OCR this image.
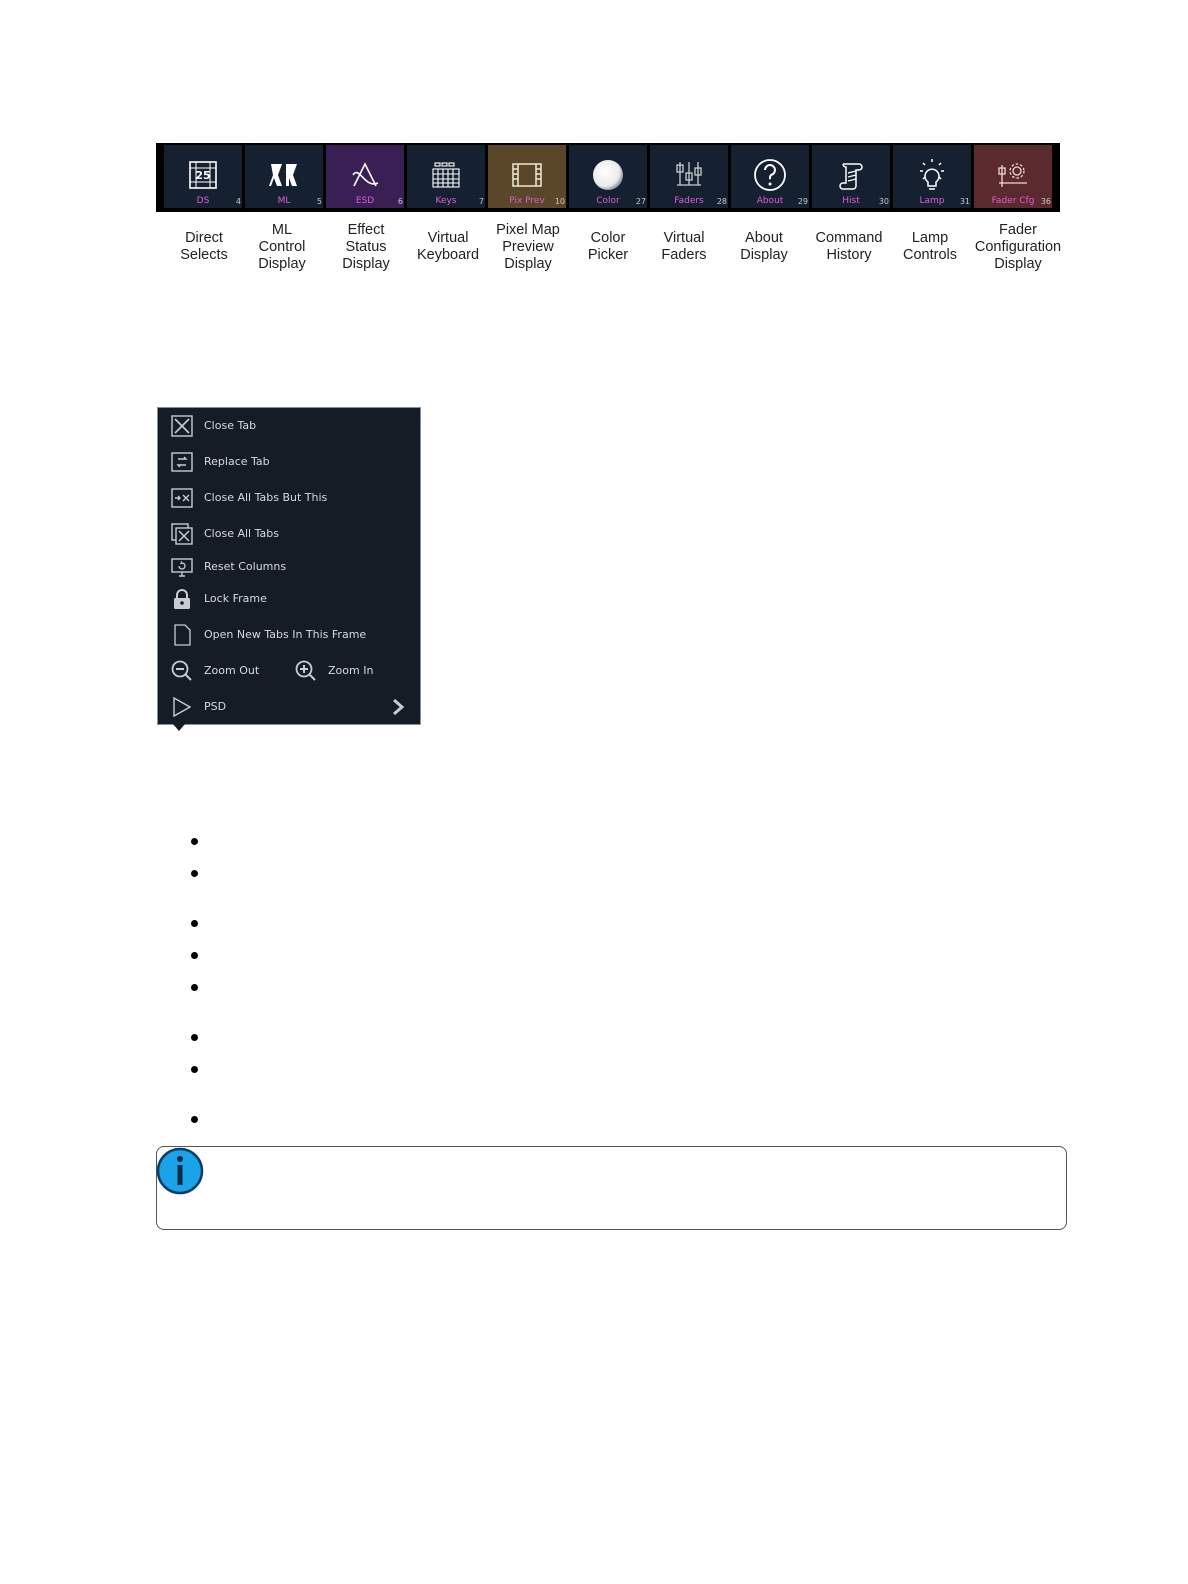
25
DS	4	ML	5	ESD	6	Keys	7	Pix Prev	10	Color	27	Faders	28	About	29	Hist	30	Lamp	31	Fader Cfg 36
Direct
Selects
ML
Control
Display
Effect
Status
Display
Virtual
Keyboard
Pixel Map
Preview
Display
Color
Picker
Virtual
Faders
About
Display
Command
History
Lamp
Controls
Fader
Configuration
Display
Close Tab
Replace Tab
Close All Tabs But This
Close All Tabs
Reset Columns
Lock Frame
Open New Tabs In This Frame
Zoom Out	Zoom In
PSD
